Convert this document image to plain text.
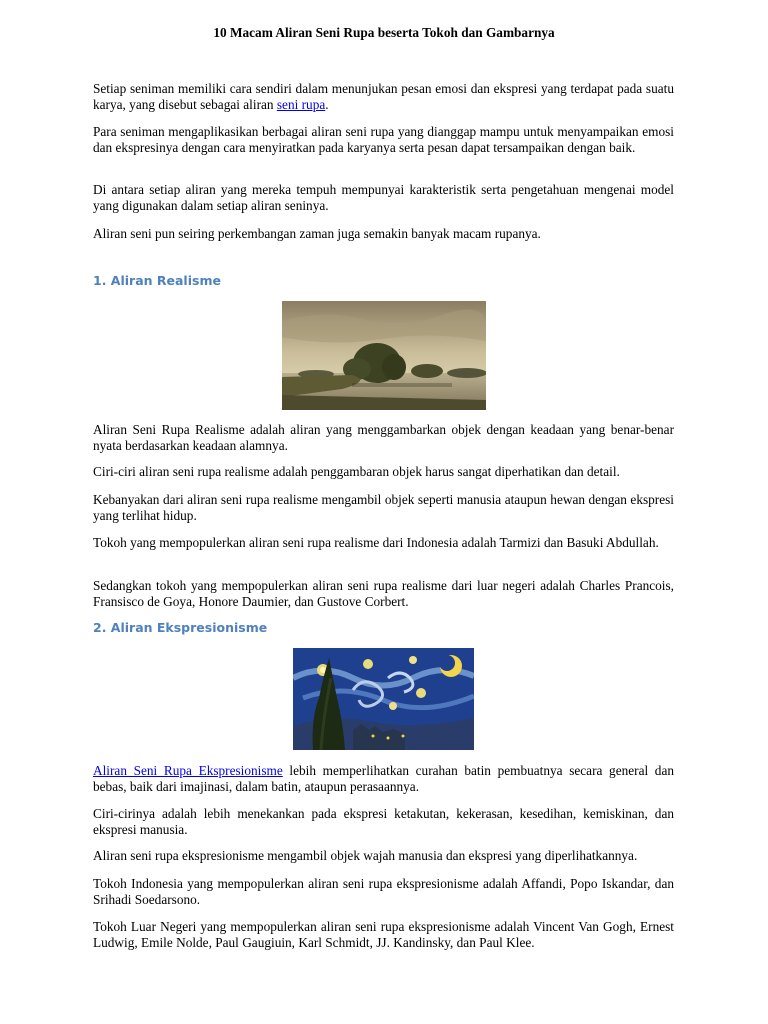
10 Macam Aliran Seni Rupa beserta Tokoh dan Gambarnya

Setiap seniman memiliki cara sendiri dalam menunjukan pesan emosi dan ekspresi yang terdapat pada suatu karya, yang disebut sebagai aliran seni rupa.

Para seniman mengaplikasikan berbagai aliran seni rupa yang dianggap mampu untuk menyampaikan emosi dan ekspresinya dengan cara menyiratkan pada karyanya serta pesan dapat tersampaikan dengan baik.

Di antara setiap aliran yang mereka tempuh mempunyai karakteristik serta pengetahuan mengenai model yang digunakan dalam setiap aliran seninya.

Aliran seni pun seiring perkembangan zaman juga semakin banyak macam rupanya.

1. Aliran Realisme

Aliran Seni Rupa Realisme adalah aliran yang menggambarkan objek dengan keadaan yang benar-benar nyata berdasarkan keadaan alamnya.

Ciri-ciri aliran seni rupa realisme adalah penggambaran objek harus sangat diperhatikan dan detail.

Kebanyakan dari aliran seni rupa realisme mengambil objek seperti manusia ataupun hewan dengan ekspresi yang terlihat hidup.

Tokoh yang mempopulerkan aliran seni rupa realisme dari Indonesia adalah Tarmizi dan Basuki Abdullah.

Sedangkan tokoh yang mempopulerkan aliran seni rupa realisme dari luar negeri adalah Charles Prancois, Fransisco de Goya, Honore Daumier, dan Gustove Corbert.

2. Aliran Ekspresionisme

Aliran Seni Rupa Ekspresionisme lebih memperlihatkan curahan batin pembuatnya secara general dan bebas, baik dari imajinasi, dalam batin, ataupun perasaannya.

Ciri-cirinya adalah lebih menekankan pada ekspresi ketakutan, kekerasan, kesedihan, kemiskinan, dan ekspresi manusia.

Aliran seni rupa ekspresionisme mengambil objek wajah manusia dan ekspresi yang diperlihatkannya.

Tokoh Indonesia yang mempopulerkan aliran seni rupa ekspresionisme adalah Affandi, Popo Iskandar, dan Srihadi Soedarsono.

Tokoh Luar Negeri yang mempopulerkan aliran seni rupa ekspresionisme adalah Vincent Van Gogh, Ernest Ludwig, Emile Nolde, Paul Gaugiuin, Karl Schmidt, JJ. Kandinsky, dan Paul Klee.
